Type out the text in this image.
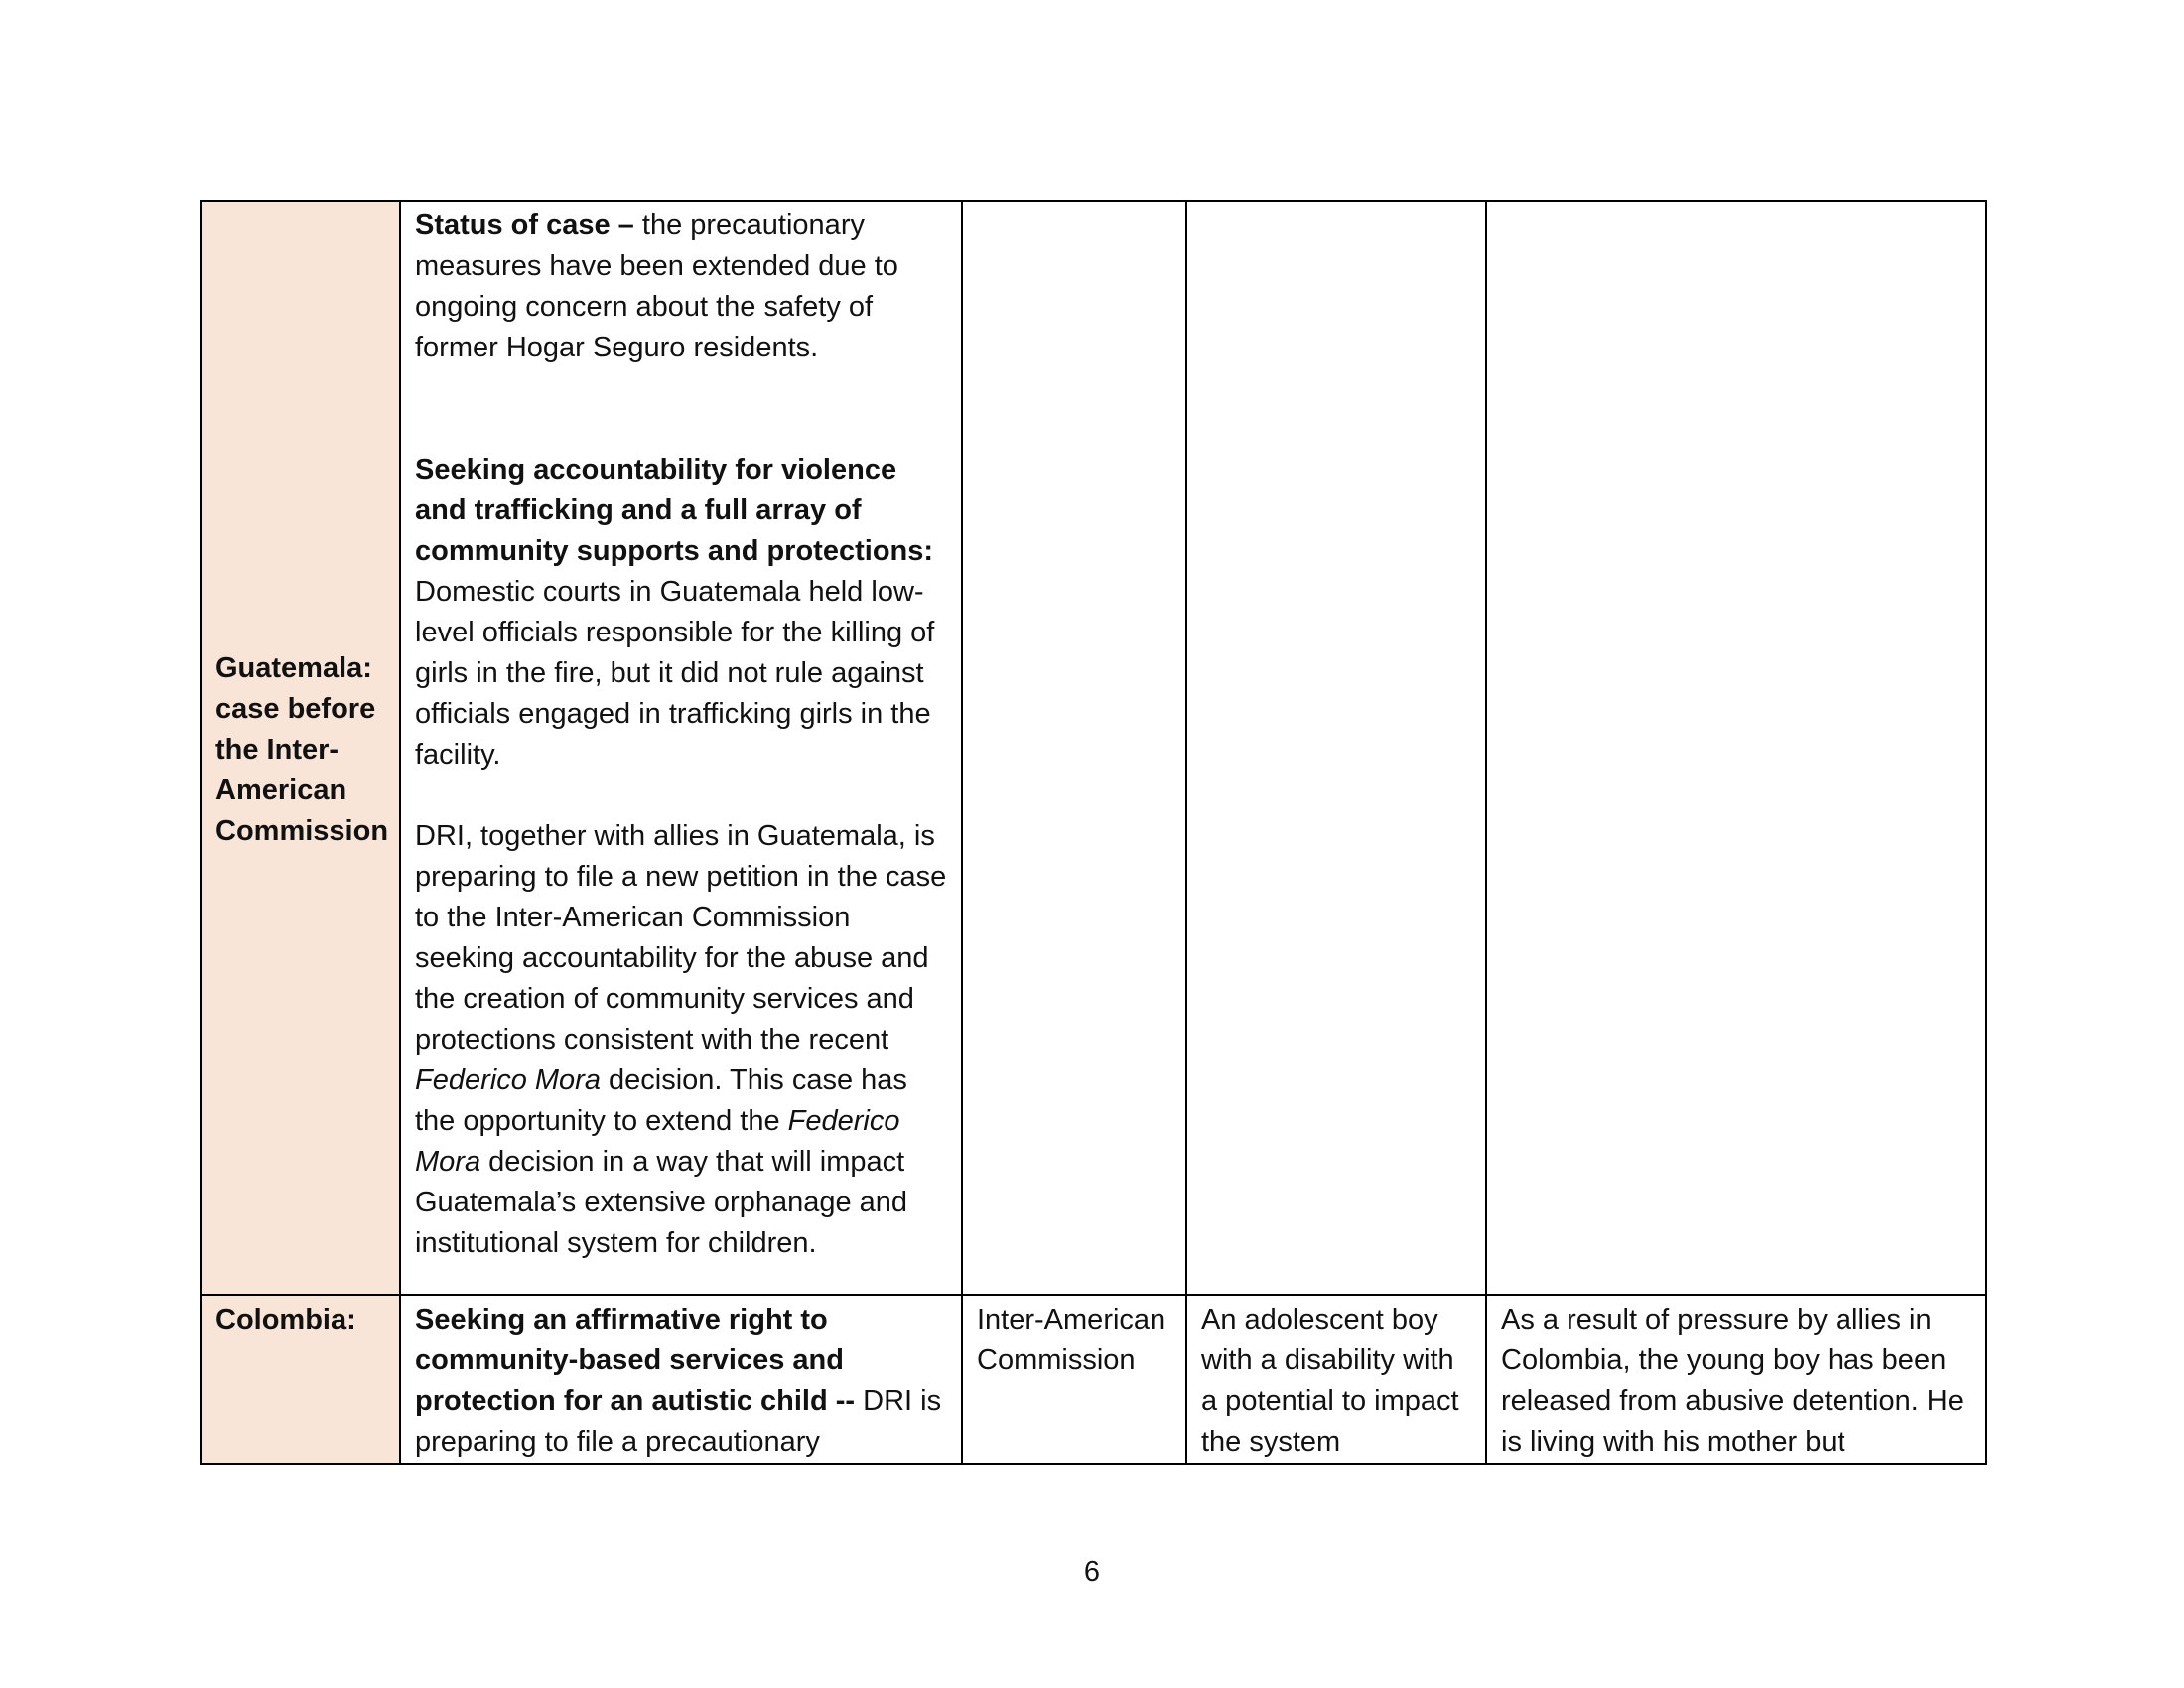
Guatemala: case before the Inter-American Commission	Status of case – the precautionary measures have been extended due to ongoing concern about the safety of former Hogar Seguro residents.

Seeking accountability for violence and trafficking and a full array of community supports and protections: Domestic courts in Guatemala held low-level officials responsible for the killing of girls in the fire, but it did not rule against officials engaged in trafficking girls in the facility.

DRI, together with allies in Guatemala, is preparing to file a new petition in the case to the Inter-American Commission seeking accountability for the abuse and the creation of community services and protections consistent with the recent Federico Mora decision. This case has the opportunity to extend the Federico Mora decision in a way that will impact Guatemala’s extensive orphanage and institutional system for children.			

Colombia:	Seeking an affirmative right to community-based services and protection for an autistic child -- DRI is preparing to file a precautionary	Inter-American Commission	An adolescent boy with a disability with a potential to impact the system	As a result of pressure by allies in Colombia, the young boy has been released from abusive detention. He is living with his mother but
6
